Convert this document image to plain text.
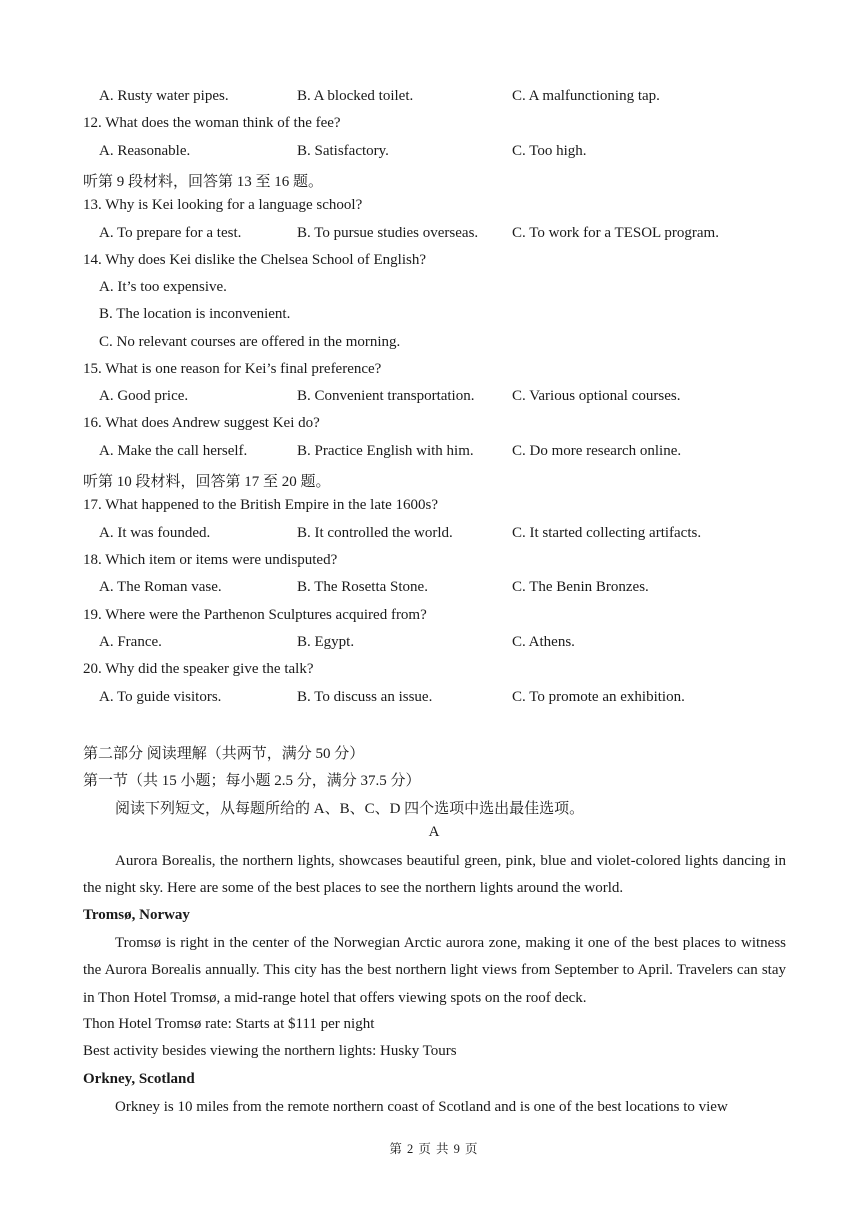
A. Rusty water pipes.	B. A blocked toilet.	C. A malfunctioning tap.
12. What does the woman think of the fee?
A. Reasonable.	B. Satisfactory.	C. Too high.
听第 9 段材料，回答第 13 至 16 题。
13. Why is Kei looking for a language school?
A. To prepare for a test.	B. To pursue studies overseas. C. To work for a TESOL program.
14. Why does Kei dislike the Chelsea School of English?
A. It’s too expensive.
B. The location is inconvenient.
C. No relevant courses are offered in the morning.
15. What is one reason for Kei’s final preference?
A. Good price.	B. Convenient transportation.	C. Various optional courses.
16. What does Andrew suggest Kei do?
A. Make the call herself.	B. Practice English with him.	C. Do more research online.
听第 10 段材料，回答第 17 至 20 题。
17. What happened to the British Empire in the late 1600s?
A. It was founded.	B. It controlled the world.	C. It started collecting artifacts.
18. Which item or items were undisputed?
A. The Roman vase.	B. The Rosetta Stone.	C. The Benin Bronzes.
19. Where were the Parthenon Sculptures acquired from?
A. France.	B. Egypt.	C. Athens.
20. Why did the speaker give the talk?
A. To guide visitors.	B. To discuss an issue.	C. To promote an exhibition.
第二部分 阅读理解（共两节，满分 50 分）
第一节（共 15 小题；每小题 2.5 分，满分 37.5 分）
阅读下列短文，从每题所给的 A、B、C、D 四个选项中选出最佳选项。
A
Aurora Borealis, the northern lights, showcases beautiful green, pink, blue and violet-colored lights dancing in the night sky. Here are some of the best places to see the northern lights around the world.
Tromsø, Norway
Tromsø is right in the center of the Norwegian Arctic aurora zone, making it one of the best places to witness the Aurora Borealis annually. This city has the best northern light views from September to April. Travelers can stay in Thon Hotel Tromsø, a mid-range hotel that offers viewing spots on the roof deck.
Thon Hotel Tromsø rate: Starts at $111 per night
Best activity besides viewing the northern lights: Husky Tours
Orkney, Scotland
Orkney is 10 miles from the remote northern coast of Scotland and is one of the best locations to view
第 2 页 共 9 页
